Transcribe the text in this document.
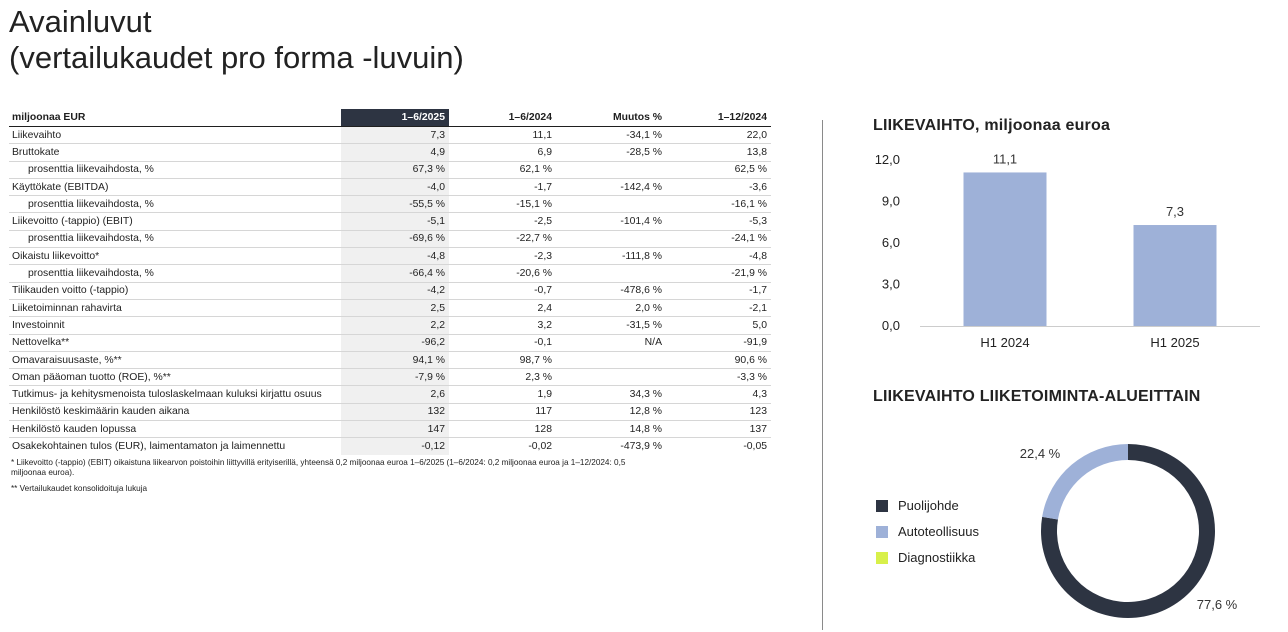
Avainluvut
(vertailukaudet pro forma -luvuin)
miljoonaa EUR	1–6/2025	1–6/2024	Muutos %	1–12/2024
Liikevaihto	7,3	11,1	-34,1 %	22,0
Bruttokate	4,9	6,9	-28,5 %	13,8
prosenttia liikevaihdosta, %	67,3 %	62,1 %		62,5 %
Käyttökate (EBITDA)	-4,0	-1,7	-142,4 %	-3,6
prosenttia liikevaihdosta, %	-55,5 %	-15,1 %		-16,1 %
Liikevoitto (-tappio) (EBIT)	-5,1	-2,5	-101,4 %	-5,3
prosenttia liikevaihdosta, %	-69,6 %	-22,7 %		-24,1 %
Oikaistu liikevoitto*	-4,8	-2,3	-111,8 %	-4,8
prosenttia liikevaihdosta, %	-66,4 %	-20,6 %		-21,9 %
Tilikauden voitto (-tappio)	-4,2	-0,7	-478,6 %	-1,7
Liiketoiminnan rahavirta	2,5	2,4	2,0 %	-2,1
Investoinnit	2,2	3,2	-31,5 %	5,0
Nettovelka**	-96,2	-0,1	N/A	-91,9
Omavaraisuusaste, %**	94,1 %	98,7 %		90,6 %
Oman pääoman tuotto (ROE), %**	-7,9 %	2,3 %		-3,3 %
Tutkimus- ja kehitysmenoista tuloslaskelmaan kuluksi kirjattu osuus	2,6	1,9	34,3 %	4,3
Henkilöstö keskimäärin kauden aikana	132	117	12,8 %	123
Henkilöstö kauden lopussa	147	128	14,8 %	137
Osakekohtainen tulos (EUR), laimentamaton ja laimennettu	-0,12	-0,02	-473,9 %	-0,05
* Liikevoitto (-tappio) (EBIT) oikaistuna liikearvon poistoihin liittyvillä erityiserillä, yhteensä 0,2 miljoonaa euroa 1–6/2025 (1–6/2024: 0,2 miljoonaa euroa ja 1–12/2024: 0,5 miljoonaa euroa).
** Vertailukaudet konsolidoituja lukuja
LIIKEVAIHTO, miljoonaa euroa
0,0
3,0
6,0
9,0
12,0	11,1
H1 2024
7,3
H1 2025
LIIKEVAIHTO LIIKETOIMINTA-ALUEITTAIN
77,6 %
22,4 %
Puolijohde
Autoteollisuus
Diagnostiikka
